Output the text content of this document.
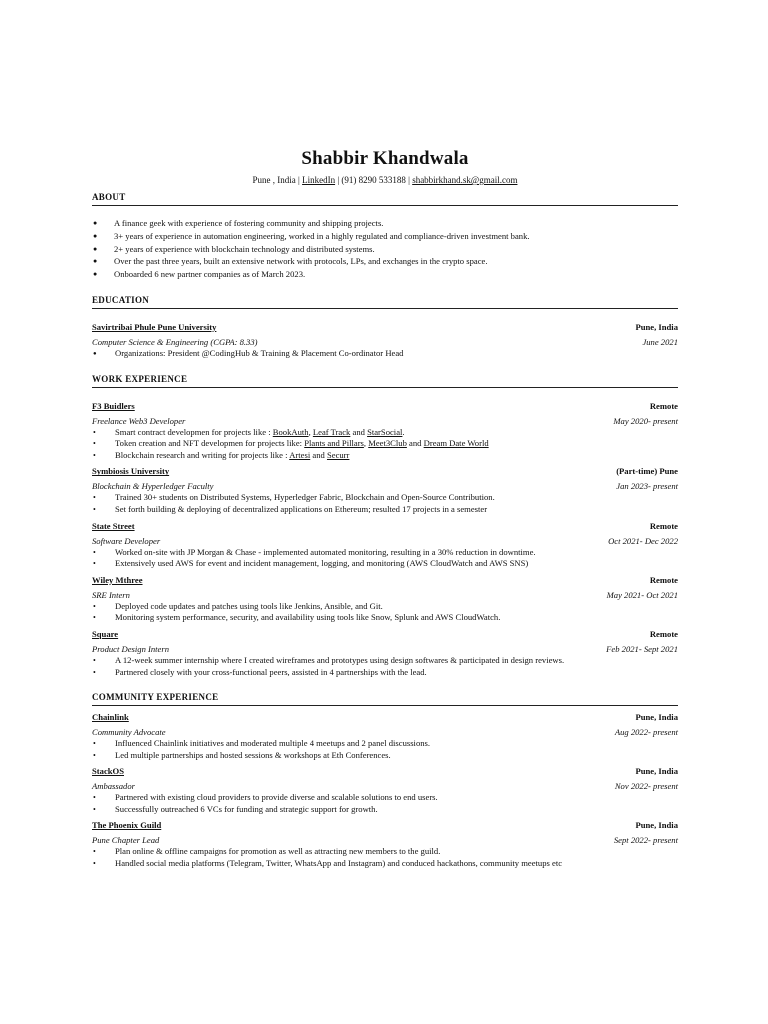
Shabbir Khandwala
Pune , India | LinkedIn | (91) 8290 533188 | shabbirkhand.sk@gmail.com
ABOUT
● A finance geek with experience of fostering community and shipping projects.
● 3+ years of experience in automation engineering, worked in a highly regulated and compliance-driven investment bank.
● 2+ years of experience with blockchain technology and distributed systems.
● Over the past three years, built an extensive network with protocols, LPs, and exchanges in the crypto space.
● Onboarded 6 new partner companies as of March 2023.
EDUCATION
Savirtribai Phule Pune University	Pune, India
Computer Science & Engineering (CGPA: 8.33)	June 2021
● Organizations: President @CodingHub & Training & Placement Co-ordinator Head
WORK EXPERIENCE
F3 Buidlers	Remote
Freelance Web3 Developer	May 2020- present
• Smart contract developmen for projects like : BookAuth, Leaf Track and StarSocial.
• Token creation and NFT developmen for projects like: Plants and Pillars, Meet3Club and Dream Date World
• Blockchain research and writing for projects like : Artesi and Securr
Symbiosis University	(Part-time) Pune
Blockchain & Hyperledger Faculty	Jan 2023- present
• Trained 30+ students on Distributed Systems, Hyperledger Fabric, Blockchain and Open-Source Contribution.
• Set forth building & deploying of decentralized applications on Ethereum; resulted 17 projects in a semester
State Street	Remote
Software Developer	Oct 2021- Dec 2022
• Worked on-site with JP Morgan & Chase - implemented automated monitoring, resulting in a 30% reduction in downtime.
• Extensively used AWS for event and incident management, logging, and monitoring (AWS CloudWatch and AWS SNS)
Wiley Mthree	Remote
SRE Intern	May 2021- Oct 2021
• Deployed code updates and patches using tools like Jenkins, Ansible, and Git.
• Monitoring system performance, security, and availability using tools like Snow, Splunk and AWS CloudWatch.
Square	Remote
Product Design Intern	Feb 2021- Sept 2021
• A 12-week summer internship where I created wireframes and prototypes using design softwares & participated in design reviews.
• Partnered closely with your cross-functional peers, assisted in 4 partnerships with the lead.
COMMUNITY EXPERIENCE
Chainlink	Pune, India
Community Advocate	Aug 2022- present
• Influenced Chainlink initiatives and moderated multiple 4 meetups and 2 panel discussions.
• Led multiple partnerships and hosted sessions & workshops at Eth Conferences.
StackOS	Pune, India
Ambassador	Nov 2022- present
• Partnered with existing cloud providers to provide diverse and scalable solutions to end users.
• Successfully outreached 6 VCs for funding and strategic support for growth.
The Phoenix Guild	Pune, India
Pune Chapter Lead	Sept 2022- present
• Plan online & offline campaigns for promotion as well as attracting new members to the guild.
• Handled social media platforms (Telegram, Twitter, WhatsApp and Instagram) and conduced hackathons, community meetups etc
